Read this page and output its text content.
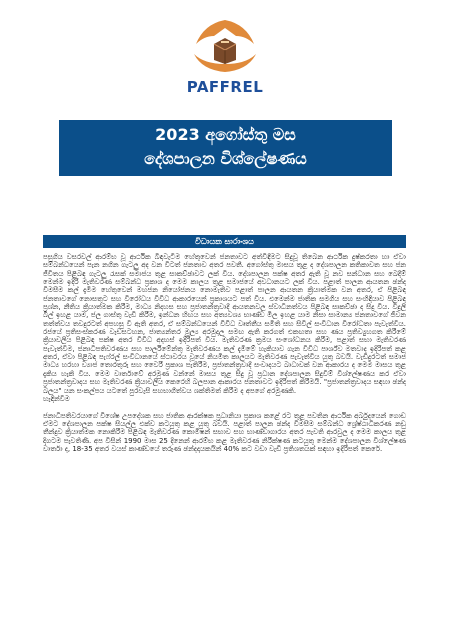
PAFFREL
2023 අගෝස්තු මස
දේශපාලන විශ්ලේෂණය
විධායක සාරාංශය

පසුගිය වසරවල් ආරම්භ වූ ආර්ථික බිඳවැටීම හේතුවෙන් ජනතාවට අත්විඳීමට සිදුවූ තිබෙන ආර්ථික දුෂ්කරතා හා ඒවා සම්බන්ධයෙන් පැන නගින ගැටලු අද වන විටත් ජනතාව අතර පවතී. අගෝස්තු මාසය තුළ ද දේශපාලන කතිකාවත සහ ජන ජීවිතය පිළිබඳ ගැටලු රැසක් සමාජය තුළ සාකච්ඡාවට ලක් විය. දේශපාලන පක්ෂ අතර ඇති වූ නව සන්ධාන සහ බෙදීම් මෙන්ම ඉදිරි මැතිවරණ සම්බන්ධ ප්‍රකාශ ද මෙම කාලය තුළ සමාජයේ අවධානයට ලක් විය. පළාත් පාලන ආයතන ඡන්ද විමසීම කල් දැමීම හේතුවෙන් මහජන නියෝජනය නොමැතිව පළාත් පාලන ආයතන ක්‍රියාත්මක වන අතර, ඒ පිළිබඳ ජනතාවගේ නොසතුට සහ විරෝධය විවිධ ආකාරයෙන් ප්‍රකාශයට පත් විය. එමෙන්ම ජාතික සමගිය සහ සංහිඳියාව පිළිබඳ ප්‍රශ්න, නීතිය ක්‍රියාත්මක කිරීම, මාධ්‍ය නිදහස සහ ප්‍රජාතන්ත්‍රවාදී ආයතනවල ස්වාධීනත්වය පිළිබඳ සාකච්ඡා ද සිදු විය. විදුලි බිල් ඉහළ යාම, ජල ගාස්තු වැඩි කිරීම, ඉන්ධන හිඟය සහ අත්‍යවශ්‍ය භාණ්ඩ මිල ඉහළ යාම නිසා සාමාන්‍ය ජනතාවගේ ජීවන තත්ත්වය තවදුරටත් අපහසු වී ඇති අතර, ඒ සම්බන්ධයෙන් විවිධ වෘත්තීය සමිති සහ සිවිල් සංවිධාන විරෝධතා පැවැත්වීය. රජයේ ප්‍රතිසංස්කරණ වැඩසටහන, ජාත්‍යන්තර මූල්‍ය අරමුදල සමඟ ඇති කරගත් එකඟතා සහ ණය ප්‍රතිව්‍යුහගත කිරීමේ ක්‍රියාවලිය පිළිබඳ පක්ෂ අතර විවිධ අදහස් ඉදිරිපත් විය. මැතිවරණ ක්‍රමය සංශෝධනය කිරීම, පළාත් සභා මැතිවරණ පැවැත්වීම, ජනාධිපතිවරණය සහ පාර්ලිමේන්තු මැතිවරණය කල් දැමීමේ හැකියාව ගැන විවිධ පාර්ශ්ව මතවාද ඉදිරිපත් කළ අතර, ඒවා පිළිබඳ පැෆ්රල් සංවිධානයේ ස්ථාවරය වූයේ නියමිත කාලයට මැතිවරණ පැවැත්විය යුතු බවයි. වැඩිදුරටත් සමාජ මාධ්‍ය හරහා ව්‍යාජ තොරතුරු සහ වෛරී ප්‍රකාශ පැතිරීම, ප්‍රජාතන්ත්‍රවාදී සංවාදයට බාධාවක් වන ආකාරය ද මෙම මාසය තුළ දැකිය හැකි විය. මෙම වාර්තාවේ අරමුණ වන්නේ මාසය තුළ සිදු වූ ප්‍රධාන දේශපාලන සිදුවීම් විශ්ලේෂණය කර ඒවා ප්‍රජාතන්ත්‍රවාදය සහ මැතිවරණ ක්‍රියාවලිය කෙරෙහි බලපාන ආකාරය ජනතාවට ඉදිරිපත් කිරීමයි. "ප්‍රජාතන්ත්‍රවාදය සඳහා ඡන්ද බලය" යන සංකල්පය යටතේ පුරවැසි සහභාගීත්වය ශක්තිමත් කිරීම ද අපගේ අරමුණකි.

හැඳින්වීම

ජනාධිපතිවරයාගේ විශේෂ උපදේශක සහ ජාතික ආරක්ෂක ප්‍රධානියා ප්‍රකාශ කළේ රට තුළ පවතින ආර්ථික අර්බුදයෙන් ගොඩ ඒමට දේශපාලන පක්ෂ සියල්ල එක්ව කටයුතු කළ යුතු බවයි. පළාත් පාලන ඡන්ද විමසීම සම්බන්ධ ශ්‍රේෂ්ඨාධිකරණ නඩු තීන්දුව ක්‍රියාත්මක නොකිරීම පිළිබඳ මැතිවරණ කොමිෂන් සභාව සහ භාණ්ඩාගාරය අතර පැවති ආරවුල ද මෙම කාලය තුළ දිගටම පැවතිණි. අප විසින් 1990 මාස 25 දිනෙන් ආරම්භ කළ මැතිවරණ නිරීක්ෂණ කටයුතු මෙන්ම දේශපාලන විශ්ලේෂණ වාර්තා ද, 18-35 අතර වයස් කාණ්ඩයේ තරුණ ඡන්දදායකයින් 40% කට වඩා වැඩි ප්‍රතිශතයක් සඳහා ඉදිරිපත් කෙරේ.
